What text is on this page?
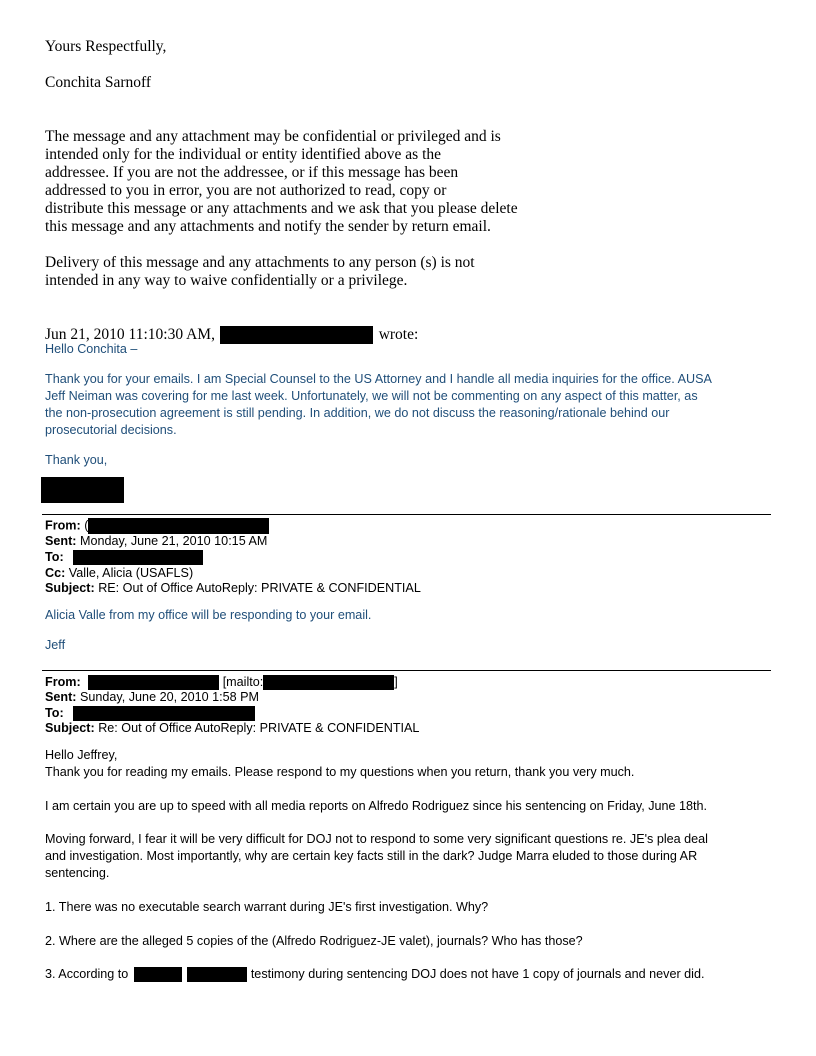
Yours Respectfully,
Conchita Sarnoff
The message and any attachment may be confidential or privileged and is
intended only for the individual or entity identified above as the
addressee. If you are not the addressee, or if this message has been
addressed to you in error, you are not authorized to read, copy or
distribute this message or any attachments and we ask that you please delete
this message and any attachments and notify the sender by return email.
Delivery of this message and any attachments to any person (s) is not
intended in any way to waive confidentially or a privilege.
Jun 21, 2010 11:10:30 AM,	wrote:
Hello Conchita –
Thank you for your emails. I am Special Counsel to the US Attorney and I handle all media inquiries for the office. AUSA
Jeff Neiman was covering for me last week. Unfortunately, we will not be commenting on any aspect of this matter, as
the non-prosecution agreement is still pending. In addition, we do not discuss the reasoning/rationale behind our
prosecutorial decisions.
Thank you,
From: (
Sent: Monday, June 21, 2010 10:15 AM
To:
Cc: Valle, Alicia (USAFLS)
Subject: RE: Out of Office AutoReply: PRIVATE & CONFIDENTIAL
Alicia Valle from my office will be responding to your email.
Jeff
From:	[mailto:	]
Sent: Sunday, June 20, 2010 1:58 PM
To:
Subject: Re: Out of Office AutoReply: PRIVATE & CONFIDENTIAL
Hello Jeffrey,
Thank you for reading my emails. Please respond to my questions when you return, thank you very much.
I am certain you are up to speed with all media reports on Alfredo Rodriguez since his sentencing on Friday, June 18th.
Moving forward, I fear it will be very difficult for DOJ not to respond to some very significant questions re. JE's plea deal
and investigation. Most importantly, why are certain key facts still in the dark? Judge Marra eluded to those during AR
sentencing.
1. There was no executable search warrant during JE's first investigation. Why?
2. Where are the alleged 5 copies of the (Alfredo Rodriguez-JE valet), journals? Who has those?
3. According to	testimony during sentencing DOJ does not have 1 copy of journals and never did.
